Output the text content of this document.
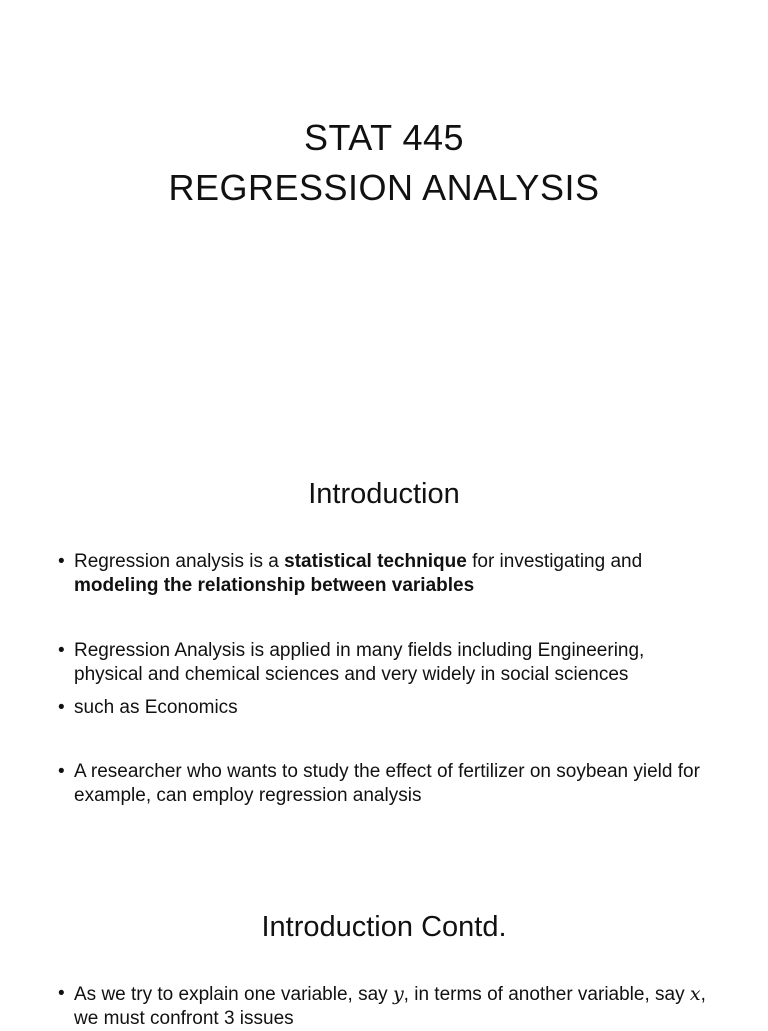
STAT 445
REGRESSION ANALYSIS
Introduction
• Regression analysis is a statistical technique for investigating and modeling the relationship between variables
• Regression Analysis is applied in many fields including Engineering, physical and chemical sciences and very widely in social sciences
• such as Economics
• A researcher who wants to study the effect of fertilizer on soybean yield for example, can employ regression analysis
Introduction Contd.
• As we try to explain one variable, say y, in terms of another variable, say x, we must confront 3 issues
